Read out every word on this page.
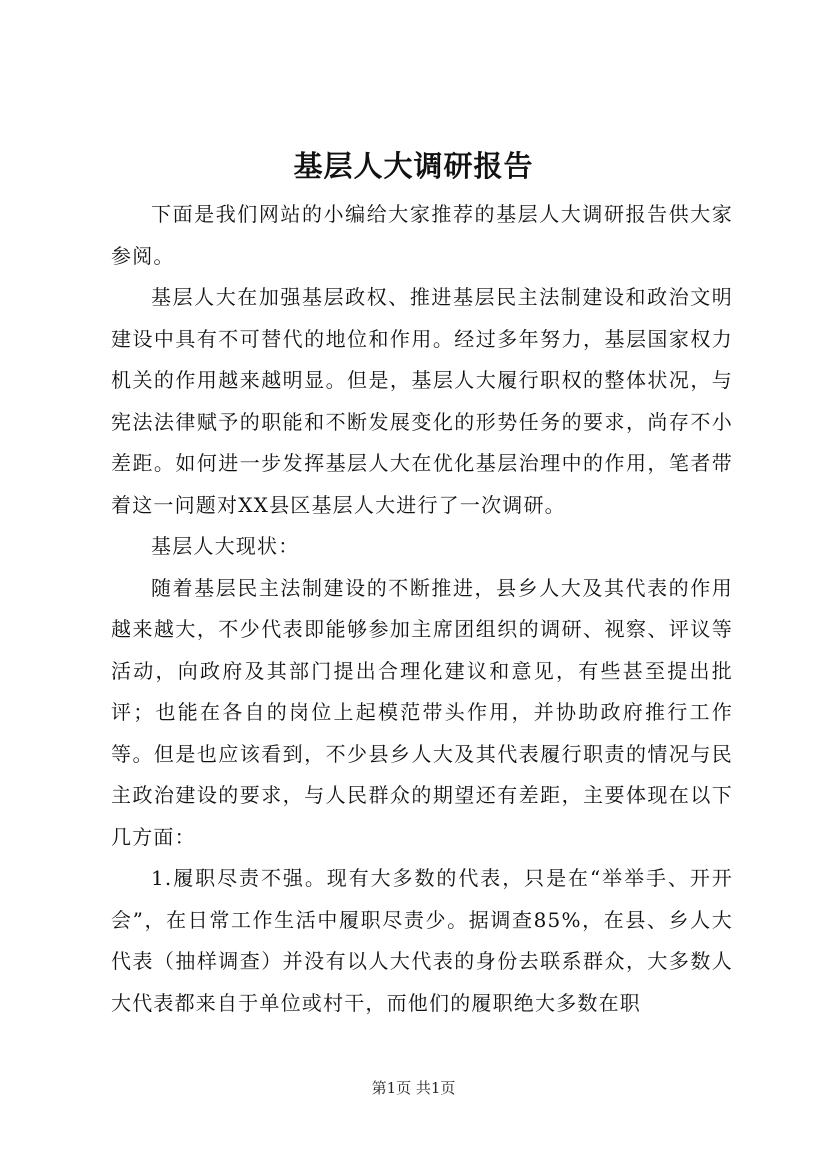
基层人大调研报告

下面是我们网站的小编给大家推荐的基层人大调研报告供大家参阅。

基层人大在加强基层政权、推进基层民主法制建设和政治文明建设中具有不可替代的地位和作用。经过多年努力，基层国家权力机关的作用越来越明显。但是，基层人大履行职权的整体状况，与宪法法律赋予的职能和不断发展变化的形势任务的要求，尚存不小差距。如何进一步发挥基层人大在优化基层治理中的作用，笔者带着这一问题对XX县区基层人大进行了一次调研。

基层人大现状：

随着基层民主法制建设的不断推进，县乡人大及其代表的作用越来越大，不少代表即能够参加主席团组织的调研、视察、评议等活动，向政府及其部门提出合理化建议和意见，有些甚至提出批评；也能在各自的岗位上起模范带头作用，并协助政府推行工作等。但是也应该看到，不少县乡人大及其代表履行职责的情况与民主政治建设的要求，与人民群众的期望还有差距，主要体现在以下几方面：

1.履职尽责不强。现有大多数的代表，只是在“举举手、开开会”，在日常工作生活中履职尽责少。据调查85%，在县、乡人大代表（抽样调查）并没有以人大代表的身份去联系群众，大多数人大代表都来自于单位或村干，而他们的履职绝大多数在职

第1页 共1页
